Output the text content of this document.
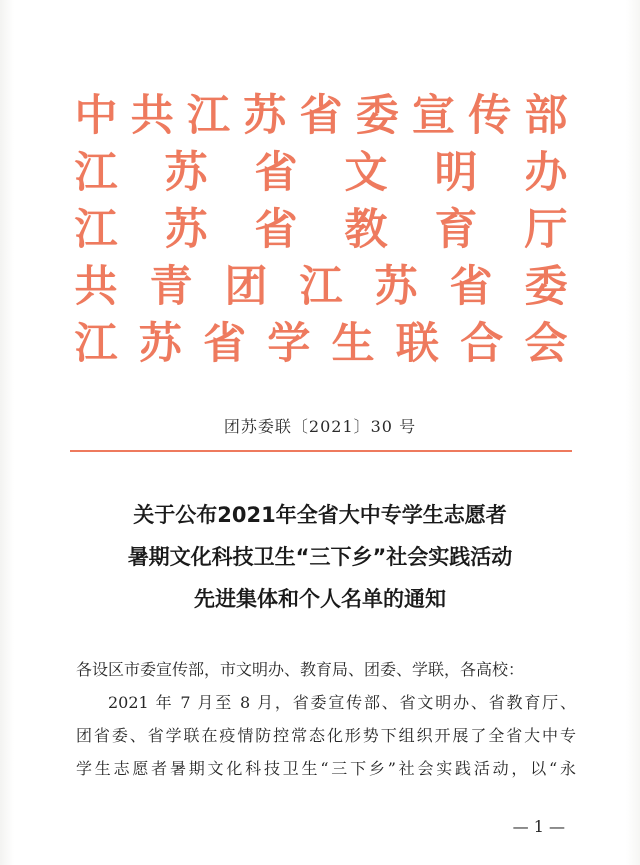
中 共 江 苏 省 委 宣 传 部
江 苏 省 文 明 办
江 苏 省 教 育 厅
共 青 团 江 苏 省 委
江 苏 省 学 生 联 合 会
团苏委联〔2021〕30 号
关于公布2021年全省大中专学生志愿者
暑期文化科技卫生“三下乡”社会实践活动
先进集体和个人名单的通知
各设区市委宣传部，市文明办、教育局、团委、学联，各高校：
2021 年 7 月至 8 月，省委宣传部、省文明办、省教育厅、
团省委、省学联在疫情防控常态化形势下组织开展了全省大中专
学生志愿者暑期文化科技卫生“三下乡”社会实践活动，以“永
— 1 —
